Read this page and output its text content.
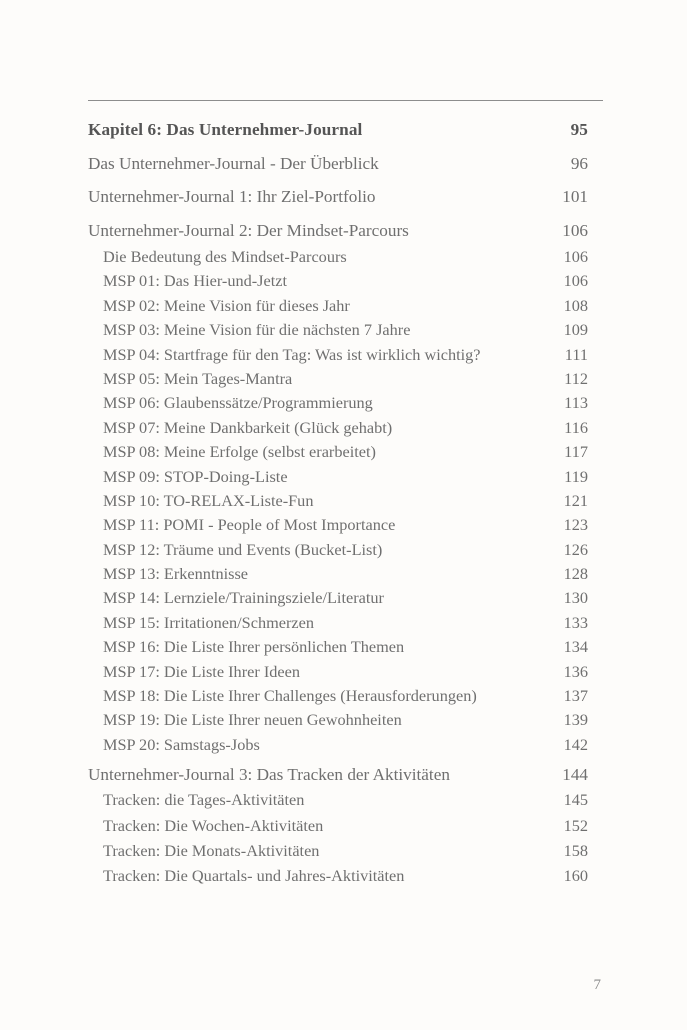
Kapitel 6: Das Unternehmer-Journal	95
Das Unternehmer-Journal - Der Überblick	96
Unternehmer-Journal 1: Ihr Ziel-Portfolio	101
Unternehmer-Journal 2: Der Mindset-Parcours	106
Die Bedeutung des Mindset-Parcours	106
MSP 01: Das Hier-und-Jetzt	106
MSP 02: Meine Vision für dieses Jahr	108
MSP 03: Meine Vision für die nächsten 7 Jahre	109
MSP 04: Startfrage für den Tag: Was ist wirklich wichtig?	111
MSP 05: Mein Tages-Mantra	112
MSP 06: Glaubenssätze/Programmierung	113
MSP 07: Meine Dankbarkeit (Glück gehabt)	116
MSP 08: Meine Erfolge (selbst erarbeitet)	117
MSP 09: STOP-Doing-Liste	119
MSP 10: TO-RELAX-Liste-Fun	121
MSP 11: POMI - People of Most Importance	123
MSP 12: Träume und Events (Bucket-List)	126
MSP 13: Erkenntnisse	128
MSP 14: Lernziele/Trainingsziele/Literatur	130
MSP 15: Irritationen/Schmerzen	133
MSP 16: Die Liste Ihrer persönlichen Themen	134
MSP 17: Die Liste Ihrer Ideen	136
MSP 18: Die Liste Ihrer Challenges (Herausforderungen)	137
MSP 19: Die Liste Ihrer neuen Gewohnheiten	139
MSP 20: Samstags-Jobs	142
Unternehmer-Journal 3: Das Tracken der Aktivitäten	144
Tracken: die Tages-Aktivitäten	145
Tracken: Die Wochen-Aktivitäten	152
Tracken: Die Monats-Aktivitäten	158
Tracken: Die Quartals- und Jahres-Aktivitäten	160
7
